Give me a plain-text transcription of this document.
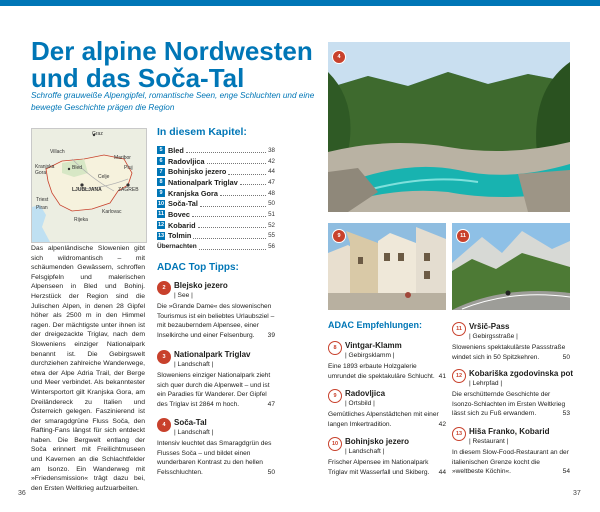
Der alpine Nordwesten
und das Soča-Tal

Schroffe grauweiße Alpengipfel, romantische Seen, enge Schluchten und eine bewegte Geschichte prägen die Region

Graz
Villach
Maribor
Ptuj
Kranjska Gora
Bled
Celje
LJUBLJANA	ZAGREB
Triest
Piran
Karlovac
Rijeka

Das alpenländische Slowenien gibt sich wildromantisch – mit schäumenden Gewässern, schroffen Felsgipfeln und malerischen Alpenseen in Bled und Bohinj. Herzstück der Region sind die Julischen Alpen, in denen 28 Gipfel höher als 2500 m in den Himmel ragen. Der mächtigste unter ihnen ist der dreigezackte Triglav, nach dem Sloweniens einziger Nationalpark benannt ist. Die Gebirgswelt durchziehen zahlreiche Wanderwege, etwa der Alpe Adria Trail, der Berge und Meer verbindet. Als bekanntester Wintersportort gilt Kranjska Gora, am Dreiländereck zu Italien und Österreich gelegen. Faszinierend ist der smaragdgrüne Fluss Soča, den Rafting-Fans längst für sich entdeckt haben. Die Bergwelt entlang der Soča erinnert mit Freilichtmuseen und Kavernen an die Schlachtfelder am Isonzo. Ein Wanderweg mit »Friedensmission« trägt dazu bei, den Ersten Weltkrieg aufzuarbeiten.

In diesem Kapitel:
5 Bled	38
6 Radovljica	42
7 Bohinjsko jezero	44
8 Nationalpark Triglav	47
9 Kranjska Gora	48
10 Soča-Tal	50
11 Bovec	51
12 Kobarid	52
13 Tolmin	55
Übernachten	56
ADAC Top Tipps:
2	Blejsko jezero
| See |

Die »Grande Dame« des slowenischen Tourismus ist ein beliebtes Urlaubsziel – mit bezauberndem Alpensee, einer Inselkirche und einer Felsenburg. 39

3	Nationalpark Triglav
| Landschaft |

Sloweniens einziger Nationalpark zieht sich quer durch die Alpenwelt – und ist ein Paradies für Wanderer. Der Gipfel des Triglav ist 2864 m hoch.	47

4	Soča-Tal
| Landschaft |

Intensiv leuchtet das Smaragdgrün des Flusses Soča – und bildet einen wunderbaren Kontrast zu den hellen Felsschluchten.	50

4
9	11
ADAC Empfehlungen:
8	Vintgar-Klamm
| Gebirgsklamm |

Eine 1893 erbaute Holzgalerie umrundet die spektakuläre Schlucht. 41

9	Radovljica
| Ortsbild |

Gemütliches Alpenstädtchen mit einer langen Imkertradition.	42

10 Bohinjsko jezero
| Landschaft |

Frischer Alpensee im Nationalpark Triglav mit Wasserfall und Skiberg. 44

11 Vršič-Pass
| Gebirgsstraße |

Sloweniens spektakulärste Passstraße windet sich in 50 Spitzkehren.	50

12 Kobariška zgodovinska pot
| Lehrpfad |

Die erschütternde Geschichte der Isonzo-Schlachten im Ersten Weltkrieg lässt sich zu Fuß erwandern.	53

13 Hiša Franko, Kobarid
| Restaurant |

In diesem Slow-Food-Restaurant an der italienischen Grenze kocht die »weltbeste Köchin«.	54

36	37
